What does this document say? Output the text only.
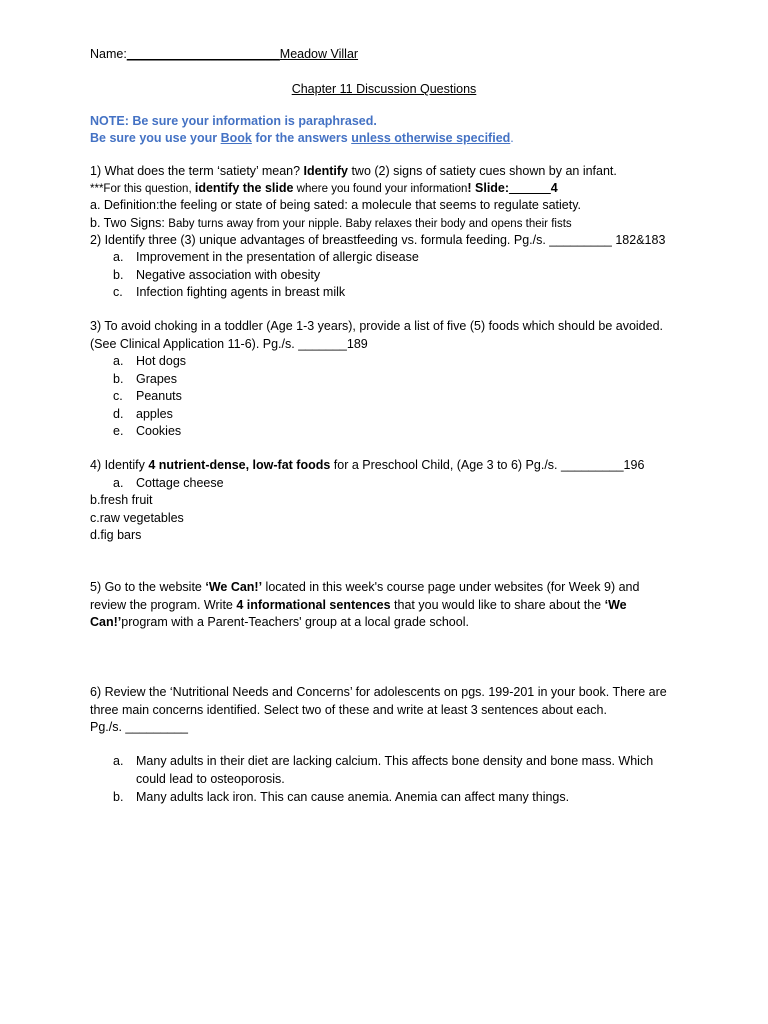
Name:______________________Meadow Villar
Chapter 11 Discussion Questions
NOTE: Be sure your information is paraphrased.
Be sure you use your Book for the answers unless otherwise specified.
1) What does the term ‘satiety’ mean? Identify two (2) signs of satiety cues shown by an infant.
***For this question, identify the slide where you found your information! Slide:______4
a. Definition:the feeling or state of being sated: a molecule that seems to regulate satiety.
b. Two Signs: Baby turns away from your nipple. Baby relaxes their body and opens their fists
2) Identify three (3) unique advantages of breastfeeding vs. formula feeding. Pg./s. _________ 182&183
a. Improvement in the presentation of allergic disease
b. Negative association with obesity
c. Infection fighting agents in breast milk
3) To avoid choking in a toddler (Age 1-3 years), provide a list of five (5) foods which should be avoided.
(See Clinical Application 11-6). Pg./s. _______189
a. Hot dogs
b. Grapes
c. Peanuts
d. apples
e. Cookies
4) Identify 4 nutrient-dense, low-fat foods for a Preschool Child, (Age 3 to 6) Pg./s. _________196
a. Cottage cheese
b.fresh fruit
c.raw vegetables
d.fig bars
5) Go to the website ‘We Can!’ located in this week's course page under websites (for Week 9) and
review the program. Write 4 informational sentences that you would like to share about the ‘We
Can!’program with a Parent-Teachers' group at a local grade school.
6) Review the ‘Nutritional Needs and Concerns’ for adolescents on pgs. 199-201 in your book. There are
three main concerns identified. Select two of these and write at least 3 sentences about each.
Pg./s. _________
a. Many adults in their diet are lacking calcium. This affects bone density and bone mass. Which
could lead to osteoporosis.
b. Many adults lack iron. This can cause anemia. Anemia can affect many things.
